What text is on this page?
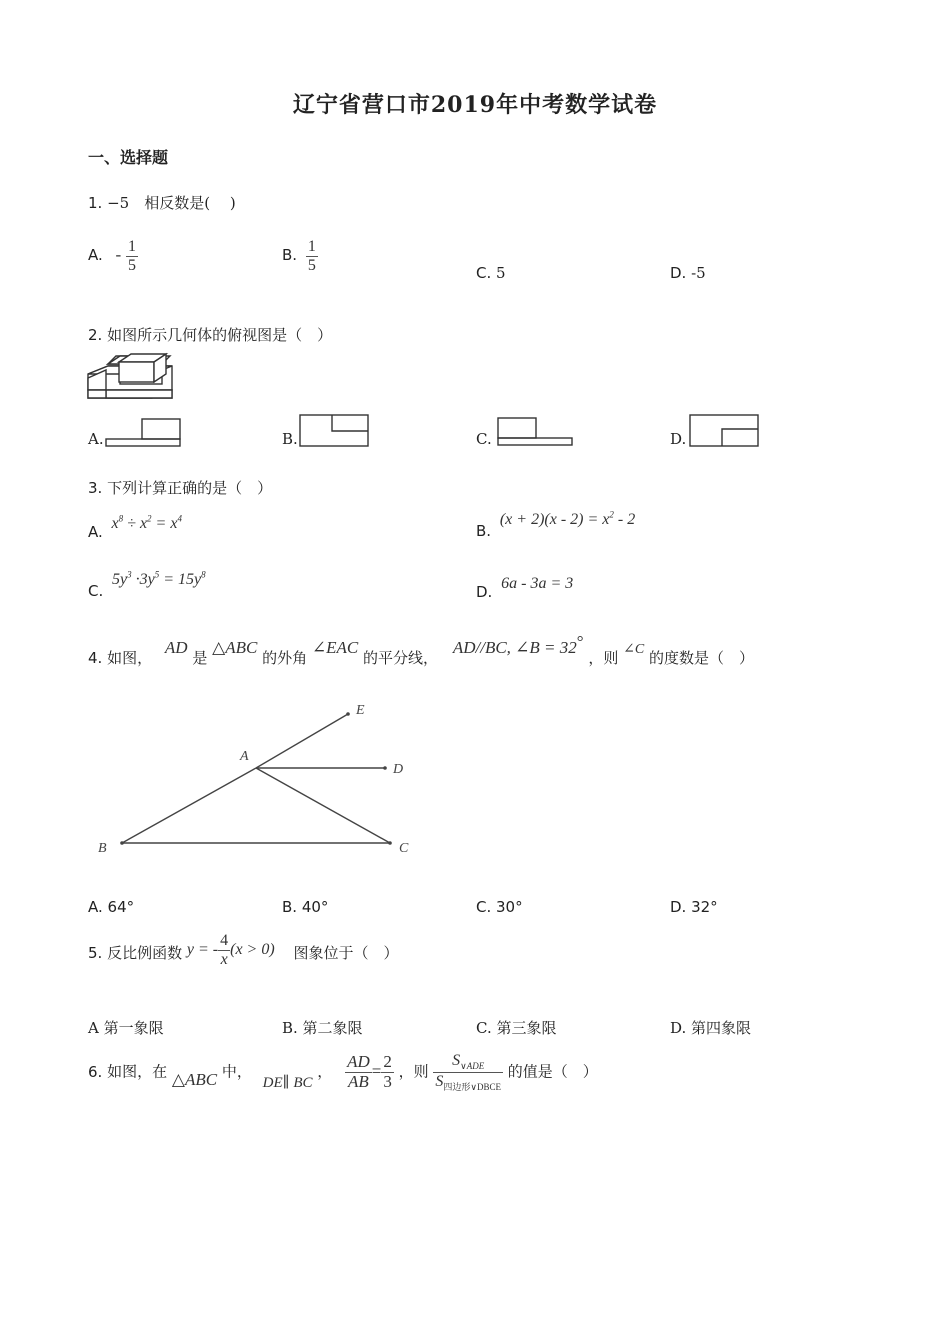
辽宁省营口市2019年中考数学试卷
一、选择题
1. −5　相反数是(　 )
A. - $\frac{1}{5}$	B. $\frac{1}{5}$	C. 5	D. -5
2. 如图所示几何体的俯视图是（　）
A.	B.	C.	D.
3. 下列计算正确的是（　）
A. $x^8 \div x^2 = x^4$
B. $(x + 2)(x - 2) = x^2 - 2$
C. $5y^3 \cdot 3y^5 = 15y^8$
D. 6a - 3a = 3
4. 如图， AD 是 △ABC 的外角 ∠EAC 的平分线， AD//BC, ∠B = 32° ，则 ∠C 的度数是（　）
E
A
D
B	C
A. 64°	B. 40°	C. 30°	D. 32°
5. 反比例函数 y = - $\frac{4}{x} (x > 0)$ 图象位于（　）
A 第一象限	B. 第二象限	C. 第三象限	D. 第四象限
6. 如图，在 △ABC 中， DE∥ BC ， $\frac{AD}{AB} = \frac{2}{3}$ ，则 $\frac{S_{\vee ADE}}{S_{四边形\vee DBCE}}$ 的值是（　）
